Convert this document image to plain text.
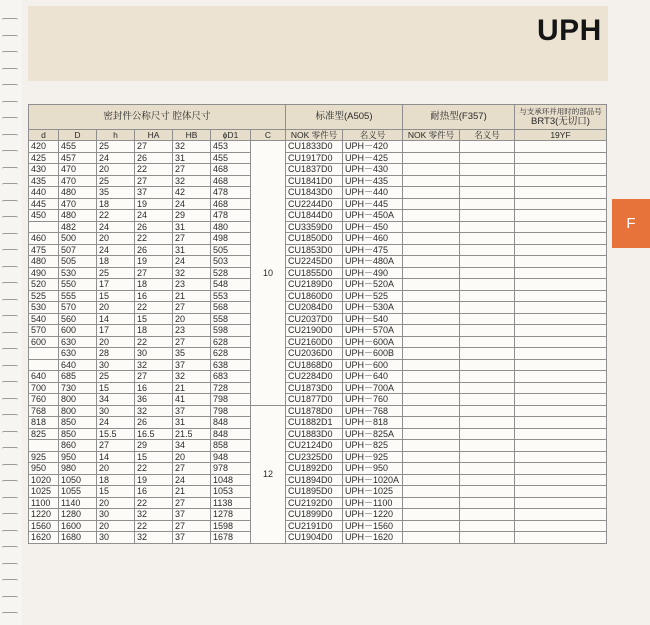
UPH
F
密封件公称尺寸 腔体尺寸							标准型(A505)		耐热型(F357)		与支承环并用时的部品号
BRT3(无切口)

d	D	h	HA	HB	ϕD1	C	NOK 零件号	名义号	NOK 零件号	名义号	19YF
420	455	25	27	32	453	10	CU1833D0	UPH－420			
425	457	24	26	31	455		CU1917D0	UPH－425			
430	470	20	22	27	468		CU1837D0	UPH－430			
435	470	25	27	32	468		CU1841D0	UPH－435			
440	480	35	37	42	478		CU1843D0	UPH－440			
445	470	18	19	24	468		CU2244D0	UPH－445			
450	480	22	24	29	478		CU1844D0	UPH－450A			
	482	24	26	31	480		CU3359D0	UPH－450			
460	500	20	22	27	498		CU1850D0	UPH－460			
475	507	24	26	31	505		CU1853D0	UPH－475			
480	505	18	19	24	503		CU2245D0	UPH－480A			
490	530	25	27	32	528		CU1855D0	UPH－490			
520	550	17	18	23	548		CU2189D0	UPH－520A			
525	555	15	16	21	553		CU1860D0	UPH－525			
530	570	20	22	27	568		CU2084D0	UPH－530A			
540	560	14	15	20	558		CU2037D0	UPH－540			
570	600	17	18	23	598		CU2190D0	UPH－570A			
600	630	20	22	27	628		CU2160D0	UPH－600A			
	630	28	30	35	628		CU2036D0	UPH－600B			
	640	30	32	37	638		CU1868D0	UPH－600			
640	685	25	27	32	683		CU2284D0	UPH－640			
700	730	15	16	21	728		CU1873D0	UPH－700A			
760	800	34	36	41	798		CU1877D0	UPH－760			
768	800	30	32	37	798	12	CU1878D0	UPH－768			
818	850	24	26	31	848		CU1882D1	UPH－818			
825	850	15.5	16.5	21.5	848		CU1883D0	UPH－825A			
	860	27	29	34	858		CU2124D0	UPH－825			
925	950	14	15	20	948		CU2325D0	UPH－925			
950	980	20	22	27	978		CU1892D0	UPH－950			
1020	1050	18	19	24	1048		CU1894D0	UPH－1020A			
1025	1055	15	16	21	1053		CU1895D0	UPH－1025			
1100	1140	20	22	27	1138		CU2192D0	UPH－1100			
1220	1280	30	32	37	1278		CU1899D0	UPH－1220			
1560	1600	20	22	27	1598		CU2191D0	UPH－1560			
1620	1680	30	32	37	1678		CU1904D0	UPH－1620			
